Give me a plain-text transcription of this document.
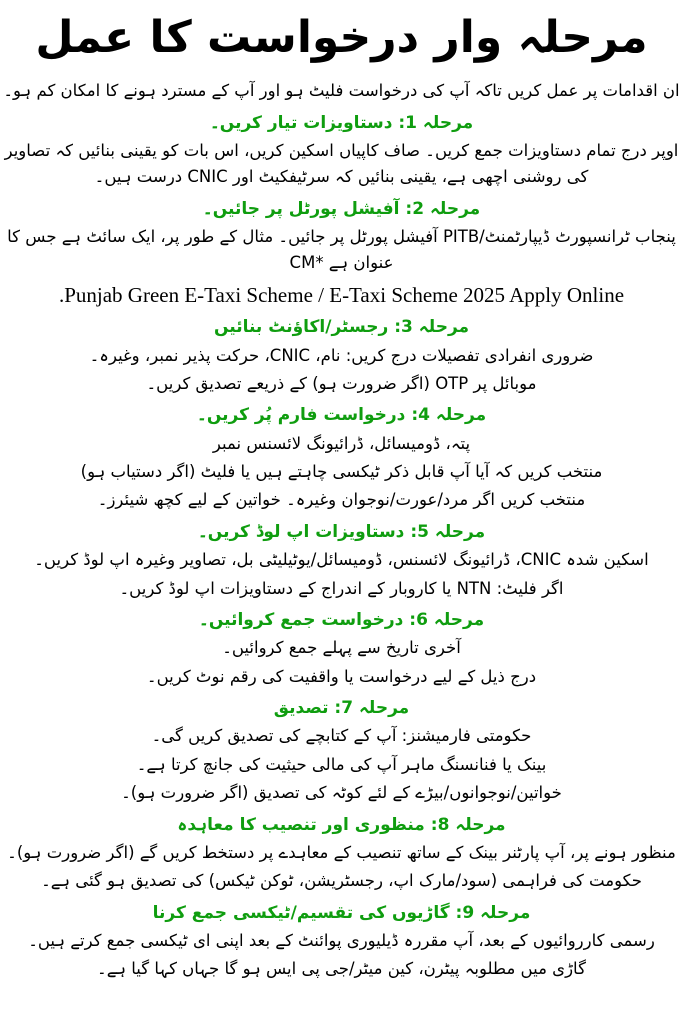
مرحلہ وار درخواست کا عمل

ان اقدامات پر عمل کریں تاکہ آپ کی درخواست فلیٹ ہو اور آپ کے مسترد ہونے کا امکان کم ہو۔

مرحلہ 1: دستاویزات تیار کریں۔

اوپر درج تمام دستاویزات جمع کریں۔ صاف کاپیاں اسکین کریں، اس بات کو یقینی بنائیں کہ تصاویر کی روشنی اچھی ہے، یقینی بنائیں کہ سرٹیفکیٹ اور CNIC درست ہیں۔

مرحلہ 2: آفیشل پورٹل پر جائیں۔

پنجاب ٹرانسپورٹ ڈیپارٹمنٹ/PITB آفیشل پورٹل پر جائیں۔ مثال کے طور پر، ایک سائٹ ہے جس کا عنوان ہے *CM

Punjab Green E-Taxi Scheme / E-Taxi Scheme 2025 Apply Online.

مرحلہ 3: رجسٹر/اکاؤنٹ بنائیں

ضروری انفرادی تفصیلات درج کریں: نام، CNIC، حرکت پذیر نمبر، وغیرہ۔

موبائل پر OTP (اگر ضرورت ہو) کے ذریعے تصدیق کریں۔

مرحلہ 4: درخواست فارم پُر کریں۔

پتہ، ڈومیسائل، ڈرائیونگ لائسنس نمبر

منتخب کریں کہ آیا آپ قابل ذکر ٹیکسی چاہتے ہیں یا فلیٹ (اگر دستیاب ہو)

منتخب کریں اگر مرد/عورت/نوجوان وغیرہ۔ خواتین کے لیے کچھ شیئرز۔

مرحلہ 5: دستاویزات اپ لوڈ کریں۔

اسکین شدہ CNIC، ڈرائیونگ لائسنس، ڈومیسائل/یوٹیلیٹی بل، تصاویر وغیرہ اپ لوڈ کریں۔

اگر فلیٹ: NTN یا کاروبار کے اندراج کے دستاویزات اپ لوڈ کریں۔

مرحلہ 6: درخواست جمع کروائیں۔

آخری تاریخ سے پہلے جمع کروائیں۔

درج ذیل کے لیے درخواست یا واقفیت کی رقم نوٹ کریں۔

مرحلہ 7: تصدیق

حکومتی فارمیشنز: آپ کے کتابچے کی تصدیق کریں گی۔

بینک یا فنانسنگ ماہر آپ کی مالی حیثیت کی جانچ کرتا ہے۔

خواتین/نوجوانوں/بیڑے کے لئے کوٹہ کی تصدیق (اگر ضرورت ہو)۔

مرحلہ 8: منظوری اور تنصیب کا معاہدہ

منظور ہونے پر، آپ پارٹنر بینک کے ساتھ تنصیب کے معاہدے پر دستخط کریں گے (اگر ضرورت ہو)۔

حکومت کی فراہمی (سود/مارک اپ، رجسٹریشن، ٹوکن ٹیکس) کی تصدیق ہو گئی ہے۔

مرحلہ 9: گاڑیوں کی تقسیم/ٹیکسی جمع کرنا

رسمی کارروائیوں کے بعد، آپ مقررہ ڈیلیوری پوائنٹ کے بعد اپنی ای ٹیکسی جمع کرتے ہیں۔

گاڑی میں مطلوبہ پیٹرن، کین میٹر/جی پی ایس ہو گا جہاں کہا گیا ہے۔
